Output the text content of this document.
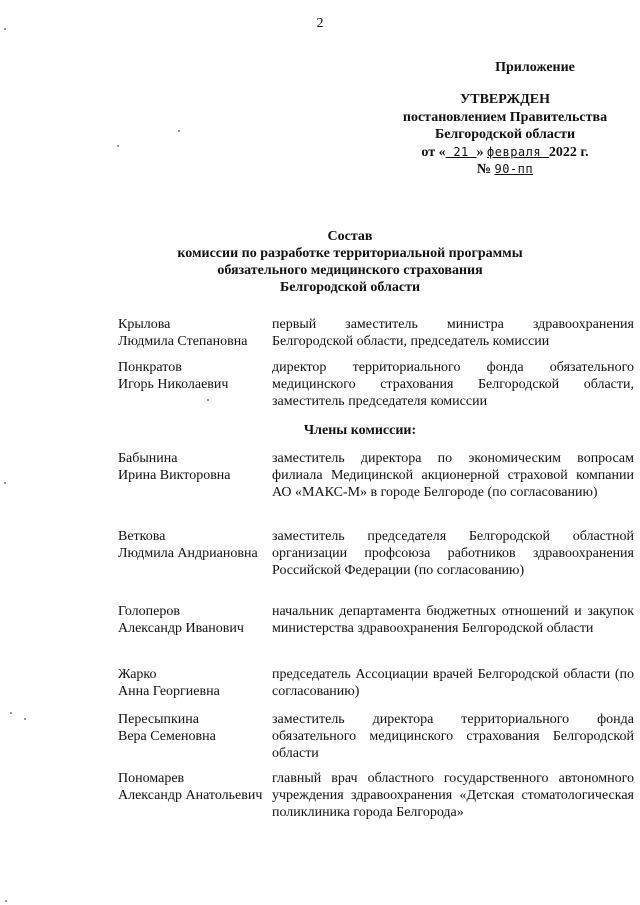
2
Приложение
УТВЕРЖДЕН
постановлением Правительства
Белгородской области
от « 21 » февраля 2022 г.
№ 90-пп
Состав
комиссии по разработке территориальной программы
обязательного медицинского страхования
Белгородской области
Крылова
Людмила Степановна
первый заместитель министра здравоохранения Белгородской области, председатель комиссии
Понкратов
Игорь Николаевич
директор территориального фонда обязательного медицинского страхования Белгородской области, заместитель председателя комиссии
Члены комиссии:
Бабынина
Ирина Викторовна
заместитель директора по экономическим вопросам филиала Медицинской акционерной страховой компании АО «МАКС-М» в городе Белгороде (по согласованию)
Веткова
Людмила Андриановна
заместитель председателя Белгородской областной организации профсоюза работников здравоохранения Российской Федерации (по согласованию)
Голоперов
Александр Иванович
начальник департамента бюджетных отношений и закупок министерства здравоохранения Белгородской области
Жарко
Анна Георгиевна
председатель Ассоциации врачей Белгородской области (по согласованию)
Пересыпкина
Вера Семеновна
заместитель директора территориального фонда обязательного медицинского страхования Белгородской области
Пономарев
Александр Анатольевич
главный врач областного государственного автономного учреждения здравоохранения «Детская стоматологическая поликлиника города Белгорода»
